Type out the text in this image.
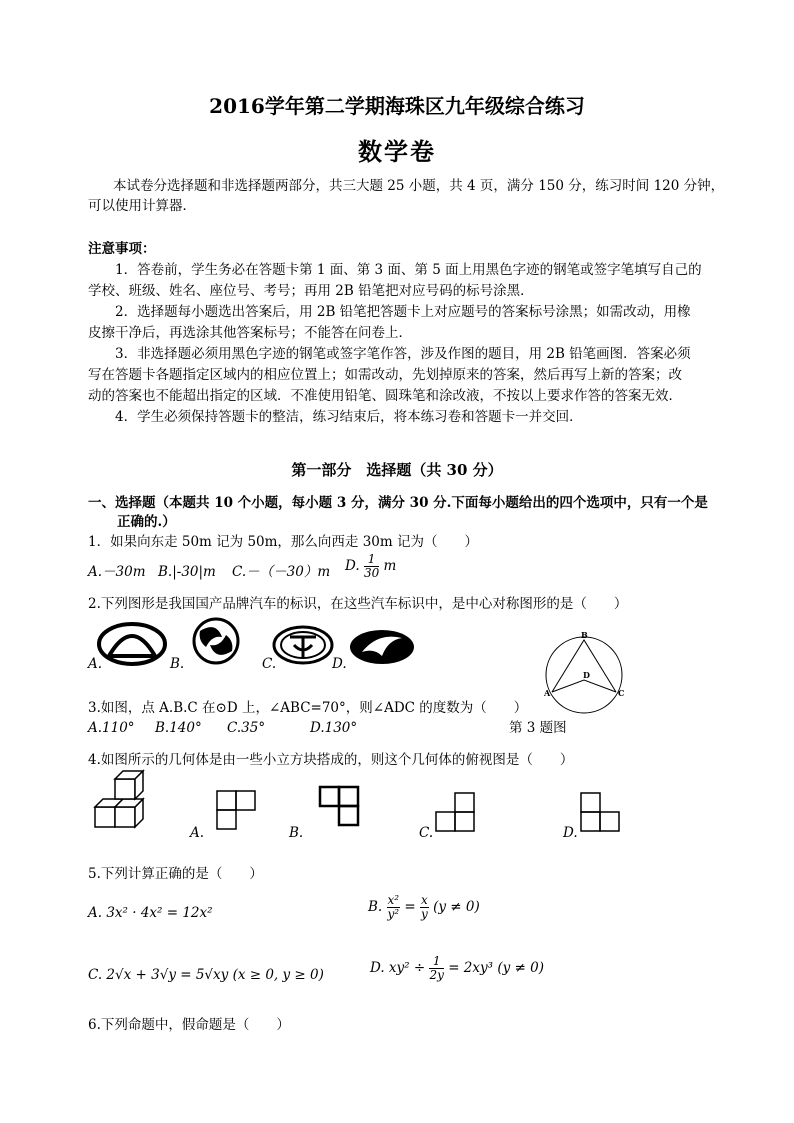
2016学年第二学期海珠区九年级综合练习
数学卷
本试卷分选择题和非选择题两部分，共三大题 25 小题，共 4 页，满分 150 分，练习时间 120 分钟，
可以使用计算器．
注意事项：
1．答卷前，学生务必在答题卡第 1 面、第 3 面、第 5 面上用黑色字迹的钢笔或签字笔填写自己的
学校、班级、姓名、座位号、考号；再用 2B 铅笔把对应号码的标号涂黑．
2．选择题每小题选出答案后，用 2B 铅笔把答题卡上对应题号的答案标号涂黑；如需改动，用橡
皮擦干净后，再选涂其他答案标号；不能答在问卷上．
3．非选择题必须用黑色字迹的钢笔或签字笔作答，涉及作图的题目，用 2B 铅笔画图．答案必须
写在答题卡各题指定区域内的相应位置上；如需改动，先划掉原来的答案，然后再写上新的答案；改
动的答案也不能超出指定的区域．不准使用铅笔、圆珠笔和涂改液，不按以上要求作答的答案无效．
4．学生必须保持答题卡的整洁，练习结束后，将本练习卷和答题卡一并交回．
第一部分　选择题（共 30 分）
一、选择题（本题共 10 个小题，每小题 3 分，满分 30 分.下面每小题给出的四个选项中，只有一个是
正确的.）
1．如果向东走 50m 记为 50m，那么向西走 30m 记为（　　）
A.－30m B.|-30|m C.－（－30）m D. $\frac{1}{30}$ m
2.下列图形是我国国产品牌汽车的标识，在这些汽车标识中，是中心对称图形的是（　　）
A.	B.	C.	D.
B
D
A	C
3.如图，点 A.B.C 在⊙D 上，∠ABC=70°，则∠ADC 的度数为（　　）
A.110° B.140° C.35°	D.130°	第 3 题图
4.如图所示的几何体是由一些小立方块搭成的，则这个几何体的俯视图是（　　）
A.	B.	C.	D.
5.下列计算正确的是（　　）
A. 3x² · 4x² = 12x²	B. $\frac{\text{x²}}{\text{y²}} = \frac{x}{y} (y \ne 0)$
C. 2√x + 3√y = 5√xy (x ≥ 0, y ≥ 0)	D. $xy^2 \div \frac{1}{2y} = 2xy^3$ (y ≠ 0)
6.下列命题中，假命题是（　　）
